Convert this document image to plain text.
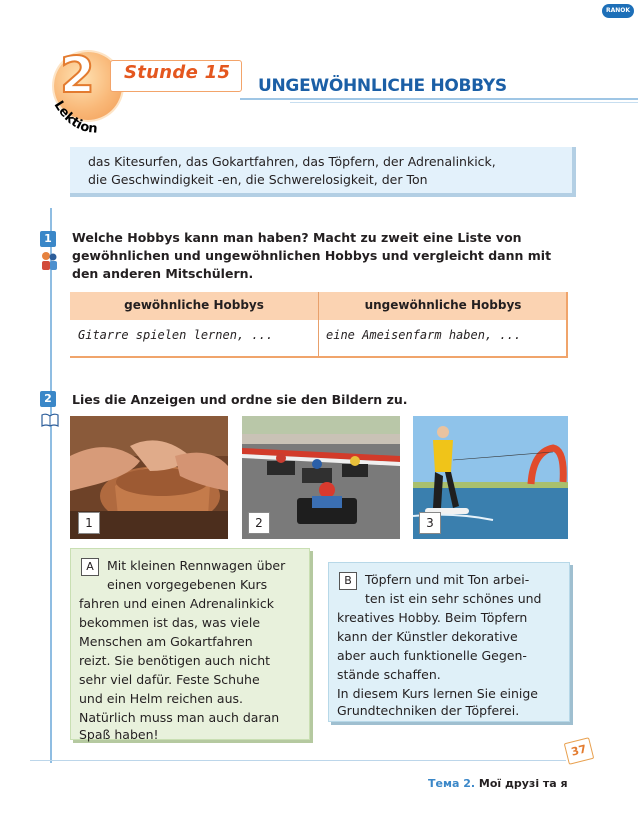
RANOK
2
Lektion
Stunde 15
UNGEWÖHNLICHE HOBBYS
das Kitesurfen, das Gokartfahren, das Töpfern, der Adrenalinkick,
die Geschwindigkeit -en, die Schwerelosigkeit, der Ton
1	Welche Hobbys kann man haben? Macht zu zweit eine Liste von
gewöhnlichen und ungewöhnlichen Hobbys und vergleicht dann mit
den anderen Mitschülern.
gewöhnliche Hobbys	ungewöhnliche Hobbys
Gitarre spielen lernen, ...	eine Ameisenfarm haben, ...
2	Lies die Anzeigen und ordne sie den Bildern zu.
1	2	3
A	Mit kleinen Rennwagen über
einen vorgegebenen Kurs
fahren und einen Adrenalinkick
bekommen ist das, was viele
Menschen am Gokartfahren
reizt. Sie benötigen auch nicht
sehr viel dafür. Feste Schuhe
und ein Helm reichen aus.
Natürlich muss man auch daran
Spaß haben!
B	Töpfern und mit Ton arbei-
ten ist ein sehr schönes und
kreatives Hobby. Beim Töpfern
kann der Künstler dekorative
aber auch funktionelle Gegen-
stände schaffen.
In diesem Kurs lernen Sie einige
Grundtechniken der Töpferei.
37
Тема 2. Мої друзі та я
